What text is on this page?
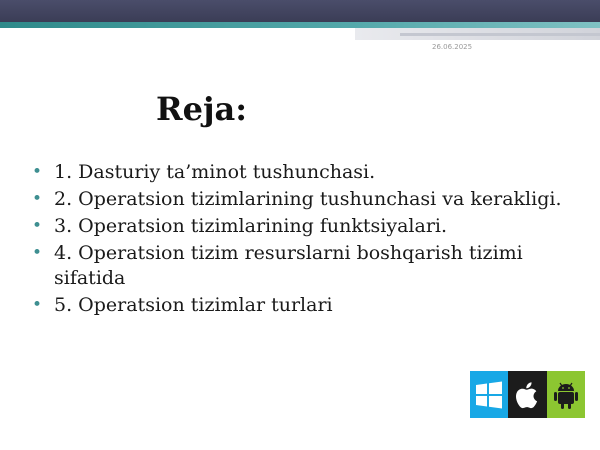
26.06.2025
Reja:
• 1. Dasturiy ta’minot tushunchasi.
• 2. Operatsion tizimlarining tushunchasi va kerakligi.
• 3. Operatsion tizimlarining funktsiyalari.
• 4. Operatsion tizim resurslarni boshqarish tizimi sifatida
• 5. Operatsion tizimlar turlari
